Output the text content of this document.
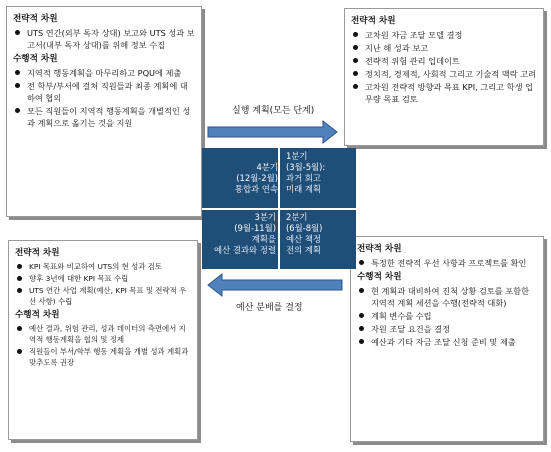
전략적 차원
UTS 연간(외부 독자 상대) 보고와 UTS 성과 보고서(내부 독자 상대)를 위해 정보 수집
수행적 차원
지역적 행동계획을 마무리하고 PQU에 제출
전 학부/부서에 걸쳐 직원들과 최종 계획에 대하여 협의
모든 직원들이 지역적 행동계획을 개별적인 성과 계획으로 옮기는 것을 지원
전략적 차원
고차원 자금 조달 모델 결정
지난 해 성과 보고
전략적 위험 관리 업데이트
정치적, 경제적, 사회적 그리고 기술적 맥락 고려
고차원 전략적 방향과 목표 KPI, 그리고 학생 업무량 목표 검토
전략적 차원
KPI 목표와 비교하여 UTS의 현 성과 검토
향후 3년에 대한 KPI 목표 수립
UTS 연간 사업 계획(예산, KPI 목표 및 전략적 우선 사항) 수립
수행적 차원
예산 결과, 위험 관리, 성과 데이터의 측면에서 지역적 행동계획을 협의 및 정제
직원들이 부서/학부 행동 계획을 개별 성과 계획과 맞추도록 권장
전략적 차원
특정한 전략적 우선 사항과 프로젝트를 확인
수행적 차원
현 계획과 대비하여 진척 상황 검토를 포함한 지역적 계획 세션을 수행(전략적 대화)
계획 변수를 수립
자원 조달 요건을 결정
예산과 기타 자금 조달 신청 준비 및 제출
실행 계획(모든 단계)
예산 분배를 결정
4분기
(12월-2월)
통합과 연속
1분기
(3월-5월):
과거 회고
미래 계획
3분기
(9월-11월)
계획을
예산 결과와 정렬
2분기
(6월-8월)
예산 책정
전의 계획
